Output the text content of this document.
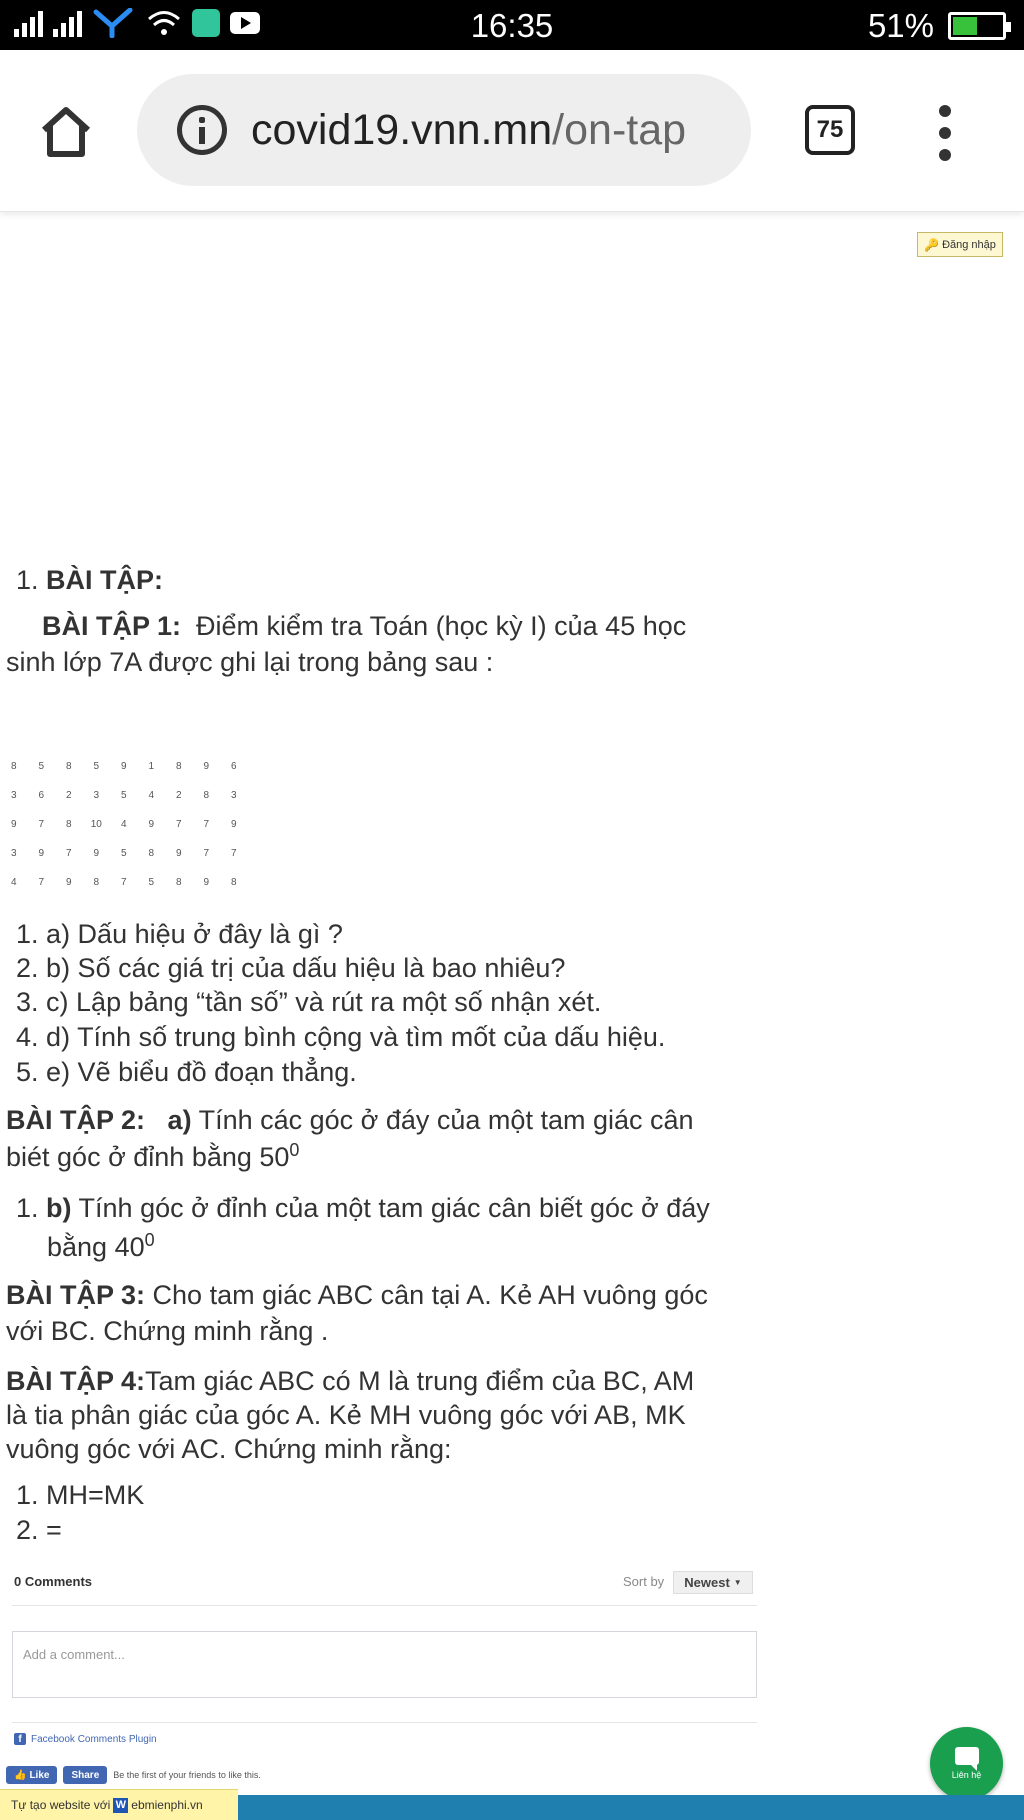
16:35	51%
covid19.vnn.mn/on-tap	75
🔑 Đăng nhập
1. BÀI TẬP:
BÀI TẬP 1: Điểm kiểm tra Toán (học kỳ I) của 45 học
sinh lớp 7A được ghi lại trong bảng sau :
8	5	8	5	9	1	8	9	6
3	6	2	3	5	4	2	8	3
9	7	8	10	4	9	7	7	9
3	9	7	9	5	8	9	7	7
4	7	9	8	7	5	8	9	8
1. a) Dấu hiệu ở đây là gì ?
2. b) Số các giá trị của dấu hiệu là bao nhiêu?
3. c) Lập bảng “tần số” và rút ra một số nhận xét.
4. d) Tính số trung bình cộng và tìm mốt của dấu hiệu.
5. e) Vẽ biểu đồ đoạn thẳng.
BÀI TẬP 2: a) Tính các góc ở đáy của một tam giác cân
biét góc ở đỉnh bằng $50^0$
1. b) Tính góc ở đỉnh của một tam giác cân biết góc ở đáy
bằng $40^0$
BÀI TẬP 3: Cho tam giác ABC cân tại A. Kẻ AH vuông góc
với BC. Chứng minh rằng .
BÀI TẬP 4:Tam giác ABC có M là trung điểm của BC, AM
là tia phân giác của góc A. Kẻ MH vuông góc với AB, MK
vuông góc với AC. Chứng minh rằng:
1. MH=MK
2. =
0 Comments	Sort by Newest ▼
Add a comment...
f Facebook Comments Plugin
👍 Like	Share	Be the first of your friends to like this.	Liên hệ
Tự tạo website với W ebmienphi.vn
